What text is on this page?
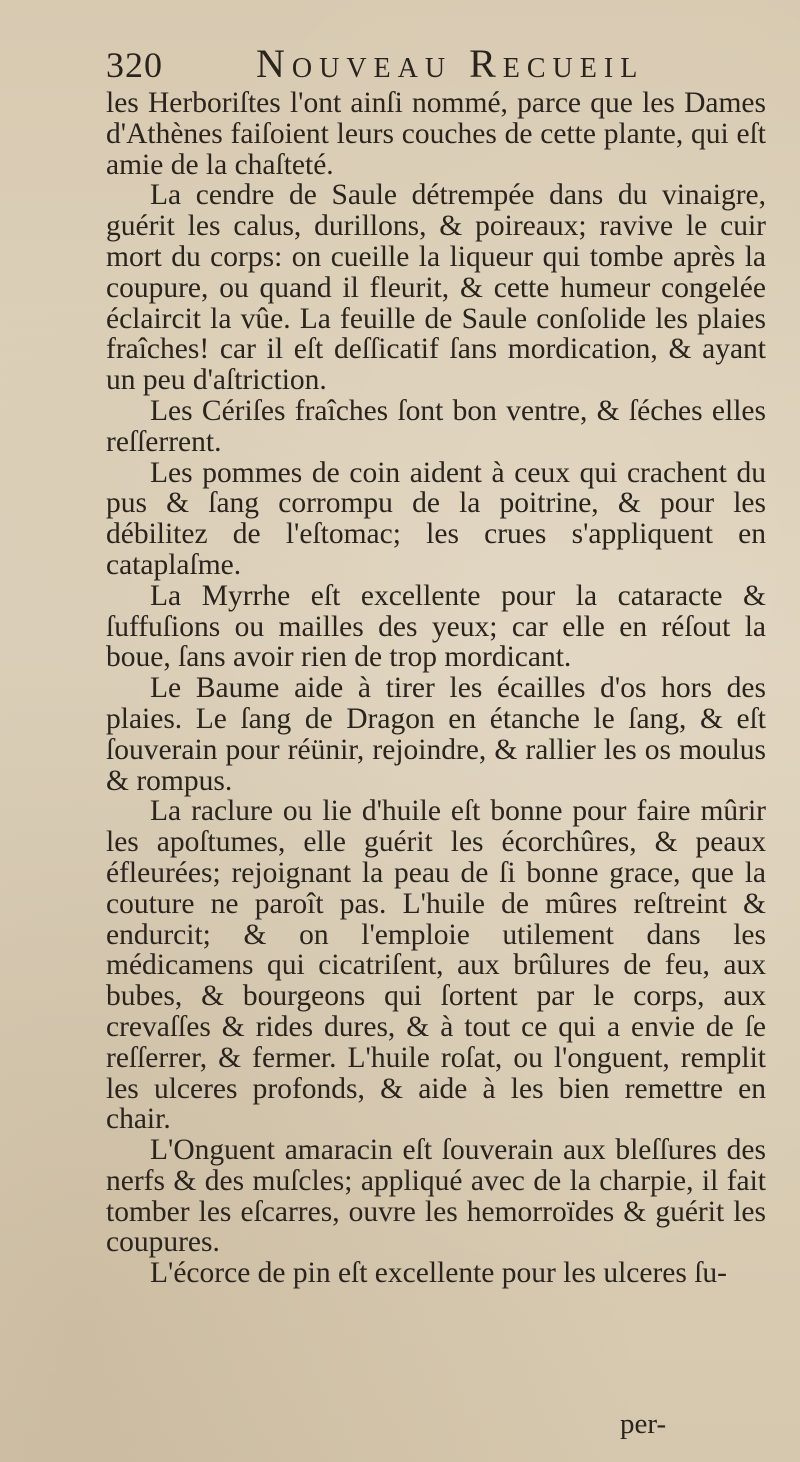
320 Nouveau Recueil

les Herboriſtes l'ont ainſi nommé, parce que les Dames d'Athènes faiſoient leurs couches de cette plante, qui eſt amie de la chaſteté.

La cendre de Saule détrempée dans du vinaigre, guérit les calus, durillons, & poireaux; ravive le cuir mort du corps: on cueille la liqueur qui tombe après la coupure, ou quand il fleurit, & cette humeur congelée éclaircit la vûe. La feuille de Saule conſolide les plaies fraîches! car il eſt deſſicatif ſans mordication, & ayant un peu d'aſtriction.

Les Cériſes fraîches ſont bon ventre, & ſéches elles reſſerrent.

Les pommes de coin aident à ceux qui crachent du pus & ſang corrompu de la poitrine, & pour les débilitez de l'eſtomac; les crues s'appliquent en cataplaſme.

La Myrrhe eſt excellente pour la cataracte & ſuffuſions ou mailles des yeux; car elle en réſout la boue, ſans avoir rien de trop mordicant.

Le Baume aide à tirer les écailles d'os hors des plaies. Le ſang de Dragon en étanche le ſang, & eſt ſouverain pour réünir, rejoindre, & rallier les os moulus & rompus.

La raclure ou lie d'huile eſt bonne pour faire mûrir les apoſtumes, elle guérit les écorchûres, & peaux éfleurées; rejoignant la peau de ſi bonne grace, que la couture ne paroît pas. L'huile de mûres reſtreint & endurcit; & on l'emploie utilement dans les médicamens qui cicatriſent, aux brûlures de feu, aux bubes, & bourgeons qui ſortent par le corps, aux crevaſſes & rides dures, & à tout ce qui a envie de ſe reſſerrer, & fermer. L'huile roſat, ou l'onguent, remplit les ulceres profonds, & aide à les bien remettre en chair.

L'Onguent amaracin eſt ſouverain aux bleſſures des nerfs & des muſcles; appliqué avec de la charpie, il fait tomber les eſcarres, ouvre les hemorroïdes & guérit les coupures.

L'écorce de pin eſt excellente pour les ulceres ſu-

per-
